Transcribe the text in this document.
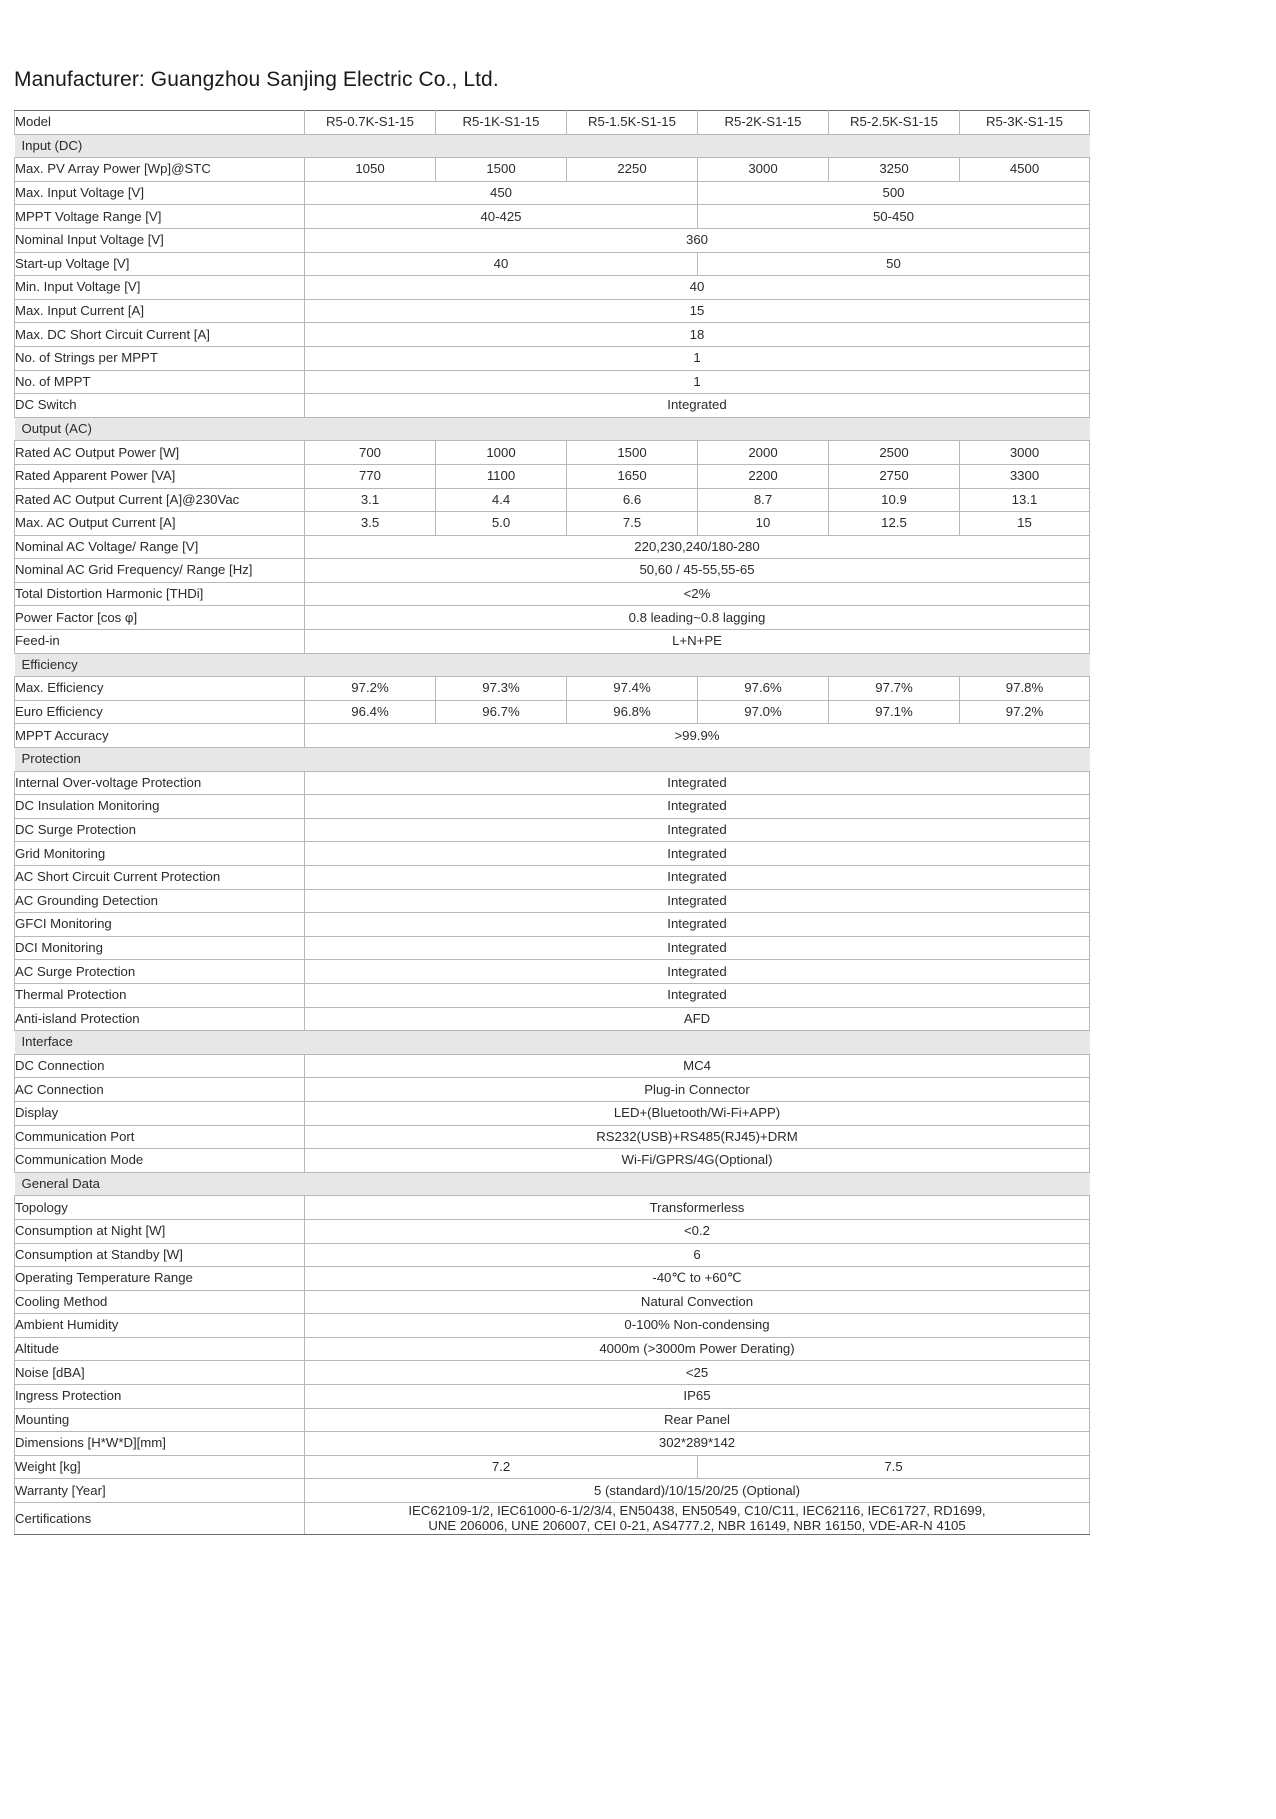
Manufacturer: Guangzhou Sanjing Electric Co., Ltd.
Model	R5-0.7K-S1-15	R5-1K-S1-15	R5-1.5K-S1-15	R5-2K-S1-15	R5-2.5K-S1-15	R5-3K-S1-15
Input (DC)						
Max. PV Array Power [Wp]@STC	1050	1500	2250	3000	3250	4500
Max. Input Voltage [V]	450			500		
MPPT Voltage Range [V]	40-425			50-450		
Nominal Input Voltage [V]	360					
Start-up Voltage [V]	40			50		
Min. Input Voltage [V]	40					
Max. Input Current [A]	15					
Max. DC Short Circuit Current [A]	18					
No. of Strings per MPPT	1					
No. of MPPT	1					
DC Switch	Integrated					
Output (AC)						
Rated AC Output Power [W]	700	1000	1500	2000	2500	3000
Rated Apparent Power [VA]	770	1100	1650	2200	2750	3300
Rated AC Output Current [A]@230Vac	3.1	4.4	6.6	8.7	10.9	13.1
Max. AC Output Current [A]	3.5	5.0	7.5	10	12.5	15
Nominal AC Voltage/ Range [V]	220,230,240/180-280					
Nominal AC Grid Frequency/ Range [Hz]	50,60 / 45-55,55-65					
Total Distortion Harmonic [THDi]	<2%					
Power Factor [cos φ]	0.8 leading~0.8 lagging					
Feed-in	L+N+PE					
Efficiency						
Max. Efficiency	97.2%	97.3%	97.4%	97.6%	97.7%	97.8%
Euro Efficiency	96.4%	96.7%	96.8%	97.0%	97.1%	97.2%
MPPT Accuracy	>99.9%					
Protection						
Internal Over-voltage Protection	Integrated					
DC Insulation Monitoring	Integrated					
DC Surge Protection	Integrated					
Grid Monitoring	Integrated					
AC Short Circuit Current Protection	Integrated					
AC Grounding Detection	Integrated					
GFCI Monitoring	Integrated					
DCI Monitoring	Integrated					
AC Surge Protection	Integrated					
Thermal Protection	Integrated					
Anti-island Protection	AFD					
Interface						
DC Connection	MC4					
AC Connection	Plug-in Connector					
Display	LED+(Bluetooth/Wi-Fi+APP)					
Communication Port	RS232(USB)+RS485(RJ45)+DRM					
Communication Mode	Wi-Fi/GPRS/4G(Optional)					
General Data						
Topology	Transformerless					
Consumption at Night [W]	<0.2					
Consumption at Standby [W]	6					
Operating Temperature Range	-40℃ to +60℃					
Cooling Method	Natural Convection					
Ambient Humidity	0-100% Non-condensing					
Altitude	4000m (>3000m Power Derating)					
Noise [dBA]	<25					
Ingress Protection	IP65					
Mounting	Rear Panel					
Dimensions [H*W*D][mm]	302*289*142					
Weight [kg]	7.2			7.5		
Warranty [Year]	5 (standard)/10/15/20/25 (Optional)					
Certifications	IEC62109-1/2, IEC61000-6-1/2/3/4, EN50438, EN50549, C10/C11, IEC62116, IEC61727, RD1699,
UNE 206006, UNE 206007, CEI 0-21, AS4777.2, NBR 16149, NBR 16150, VDE-AR-N 4105					
